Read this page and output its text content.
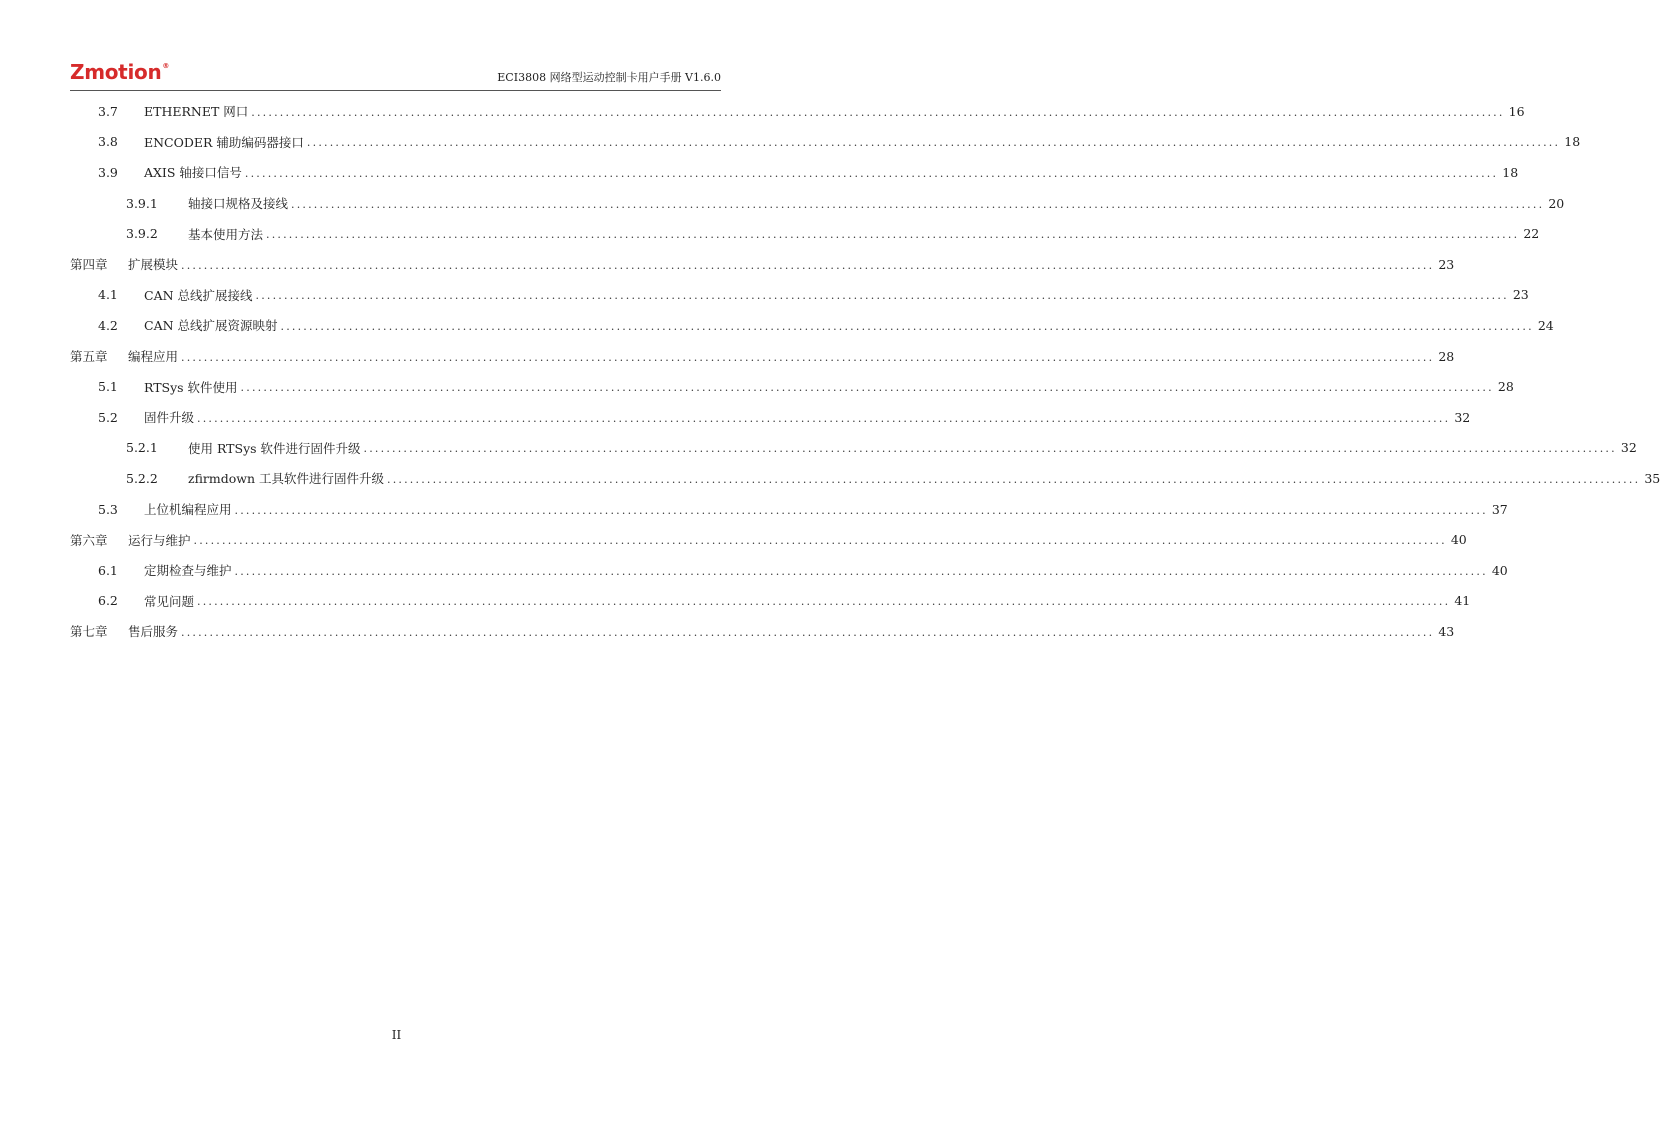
Zmotion®
ECI3808 网络型运动控制卡用户手册 V1.6.0
3.7	ETHERNET 网口 ............................................................................................................................................................................................................................ 16
3.8	ENCODER 辅助编码器接口 ............................................................................................................................................................................................................................ 18
3.9	AXIS 轴接口信号 ............................................................................................................................................................................................................................ 18
3.9.1	轴接口规格及接线 ............................................................................................................................................................................................................................ 20
3.9.2	基本使用方法 ............................................................................................................................................................................................................................ 22
第四章	扩展模块 ............................................................................................................................................................................................................................ 23
4.1	CAN 总线扩展接线 ............................................................................................................................................................................................................................ 23
4.2	CAN 总线扩展资源映射 ............................................................................................................................................................................................................................ 24
第五章	编程应用 ............................................................................................................................................................................................................................ 28
5.1	RTSys 软件使用 ............................................................................................................................................................................................................................ 28
5.2	固件升级 ............................................................................................................................................................................................................................ 32
5.2.1	使用 RTSys 软件进行固件升级 ............................................................................................................................................................................................................................ 32
5.2.2	zfirmdown 工具软件进行固件升级 ............................................................................................................................................................................................................................ 35
5.3	上位机编程应用 ............................................................................................................................................................................................................................ 37
第六章	运行与维护 ............................................................................................................................................................................................................................ 40
6.1	定期检查与维护 ............................................................................................................................................................................................................................ 40
6.2	常见问题 ............................................................................................................................................................................................................................ 41
第七章	售后服务 ............................................................................................................................................................................................................................ 43
II
